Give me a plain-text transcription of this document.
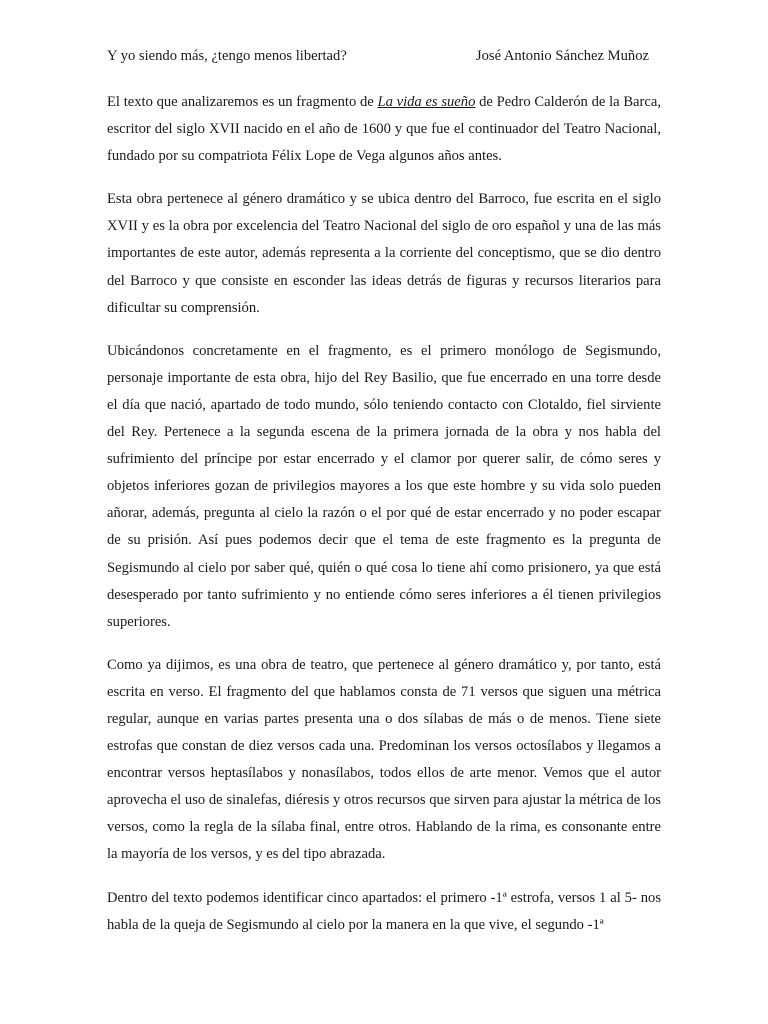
Y yo siendo más, ¿tengo menos libertad?	José Antonio Sánchez Muñoz

El texto que analizaremos es un fragmento de La vida es sueño de Pedro Calderón de la Barca, escritor del siglo XVII nacido en el año de 1600 y que fue el continuador del Teatro Nacional, fundado por su compatriota Félix Lope de Vega algunos años antes.

Esta obra pertenece al género dramático y se ubica dentro del Barroco, fue escrita en el siglo XVII y es la obra por excelencia del Teatro Nacional del siglo de oro español y una de las más importantes de este autor, además representa a la corriente del conceptismo, que se dio dentro del Barroco y que consiste en esconder las ideas detrás de figuras y recursos literarios para dificultar su comprensión.

Ubicándonos concretamente en el fragmento, es el primero monólogo de Segismundo, personaje importante de esta obra, hijo del Rey Basilio, que fue encerrado en una torre desde el día que nació, apartado de todo mundo, sólo teniendo contacto con Clotaldo, fiel sirviente del Rey. Pertenece a la segunda escena de la primera jornada de la obra y nos habla del sufrimiento del príncipe por estar encerrado y el clamor por querer salir, de cómo seres y objetos inferiores gozan de privilegios mayores a los que este hombre y su vida solo pueden añorar, además, pregunta al cielo la razón o el por qué de estar encerrado y no poder escapar de su prisión. Así pues podemos decir que el tema de este fragmento es la pregunta de Segismundo al cielo por saber qué, quién o qué cosa lo tiene ahí como prisionero, ya que está desesperado por tanto sufrimiento y no entiende cómo seres inferiores a él tienen privilegios superiores.

Como ya dijimos, es una obra de teatro, que pertenece al género dramático y, por tanto, está escrita en verso. El fragmento del que hablamos consta de 71 versos que siguen una métrica regular, aunque en varias partes presenta una o dos sílabas de más o de menos. Tiene siete estrofas que constan de diez versos cada una. Predominan los versos octosílabos y llegamos a encontrar versos heptasílabos y nonasílabos, todos ellos de arte menor. Vemos que el autor aprovecha el uso de sinalefas, diéresis y otros recursos que sirven para ajustar la métrica de los versos, como la regla de la sílaba final, entre otros. Hablando de la rima, es consonante entre la mayoría de los versos, y es del tipo abrazada.

Dentro del texto podemos identificar cinco apartados: el primero -1ª estrofa, versos 1 al 5- nos habla de la queja de Segismundo al cielo por la manera en la que vive, el segundo -1ª
